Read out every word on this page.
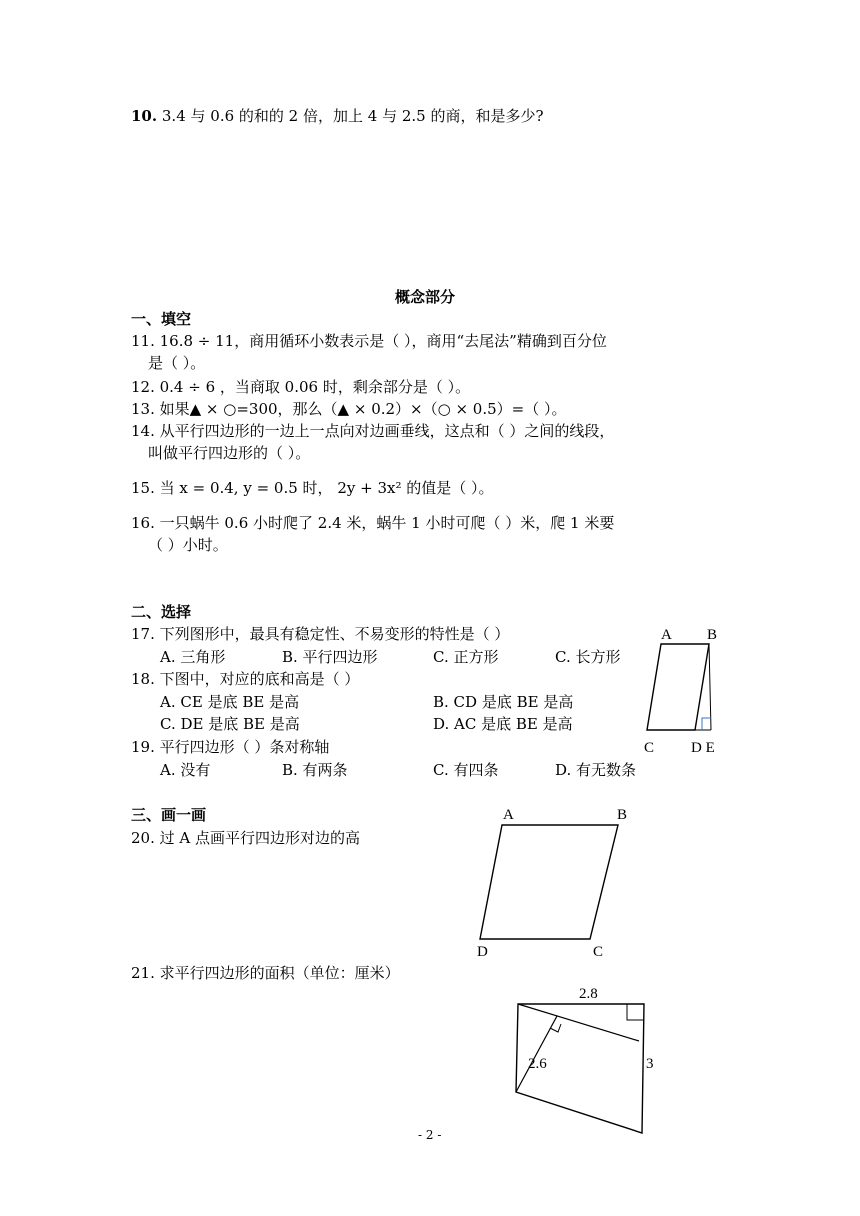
10. 3.4 与 0.6 的和的 2 倍，加上 4 与 2.5 的商，和是多少?
概念部分
一、填空
11. 16.8 ÷ 11，商用循环小数表示是（ ），商用“去尾法”精确到百分位
是（ ）。
12. 0.4 ÷ 6 ，当商取 0.06 时，剩余部分是（ ）。
13. 如果▲ × ○=300，那么（▲ × 0.2）×（○ × 0.5）=（ ）。
14. 从平行四边形的一边上一点向对边画垂线，这点和（ ）之间的线段，
叫做平行四边形的（ ）。
15. 当 x = 0.4, y = 0.5 时， 2y + 3x² 的值是（ ）。
16. 一只蜗牛 0.6 小时爬了 2.4 米，蜗牛 1 小时可爬（ ）米，爬 1 米要
（ ）小时。
二、选择
17. 下列图形中，最具有稳定性、不易变形的特性是（ ）
A. 三角形	B. 平行四边形	C. 正方形	C. 长方形
18. 下图中，对应的底和高是（ ）
A. CE 是底 BE 是高	B. CD 是底 BE 是高
C. DE 是底 BE 是高	D. AC 是底 BE 是高
19. 平行四边形（ ）条对称轴
A. 没有	B. 有两条	C. 有四条	D. 有无数条
A B
C D E
三、画一画
20. 过 A 点画平行四边形对边的高
A	B
D	C
21. 求平行四边形的面积（单位：厘米）
2.8
2.6	3
- 2 -
